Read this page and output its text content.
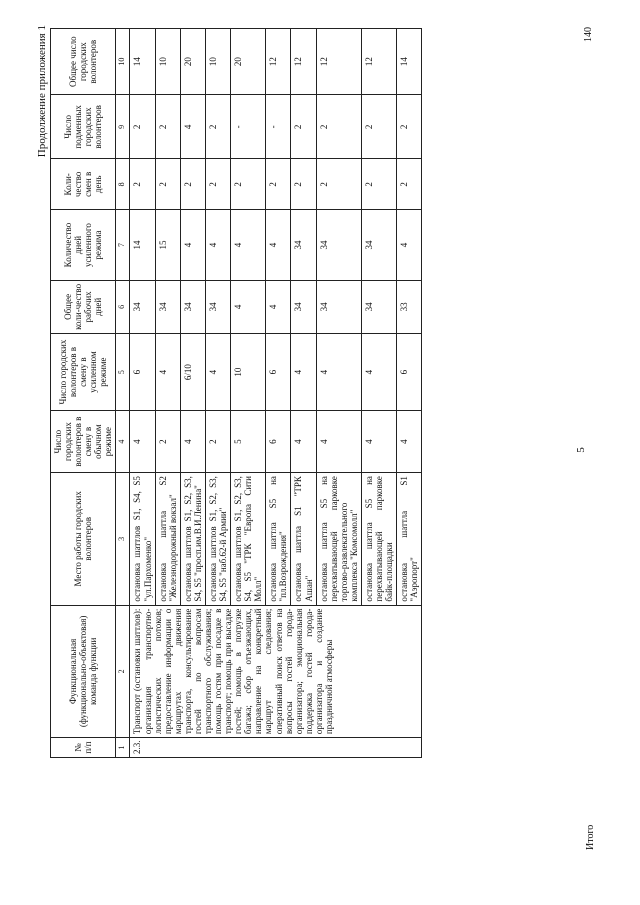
5
Продолжение приложения 1
№ п/п	Функциональная (функционально-объектовая) команда функции	Место работы городских волонтеров	Число городских волонтеров в смену в обычном режиме	Число городских волонтеров в смену в усиленном режиме	Общее коли-чество рабочих дней	Количество дней усиленного режима	Коли-чество смен в день	Число подменных городских волонтеров	Общее число городских волонтеров
1	2	3	4	5	6	7	8	9	10
2.3.	Транспорт (остановки шаттлов): организация транспортно-логистических потоков; предоставление информации о маршрутах движения транспорта, консультирование гостей по вопросам транспортного обслуживания; помощь гостям при посадке в транспорт; помощь при высадке гостей; помощь в погрузке багажа; сбор отъезжающих, направление на конкретный маршрут следования; оперативный поиск ответов на вопросы гостей города-организатора; эмоциональная поддержка гостей города-организатора и создание праздничной атмосферы	остановка шаттлов S1, S4, S5 "ул.Пархоменко"	4	6	34	14	2	2	14
		остановка шаттла S2 "Железнодорожный вокзал"	2	4	34	15	2	2	10
		остановка шаттлов S1, S2, S3, S4, S5 "просп.им.В.И.Ленина"	4	6/10	34	4	2	4	20
		остановка шаттлов S1, S2, S3, S4, S5 "наб.62-й Армии"	2	4	34	4	2	2	10
		остановка шаттлов S1, S2, S3, S4, S5 "ТРК "Европа Сити Молл"	5	10	4	4	2	-	20
		остановка шаттла S5 на "пл.Возрождения"	6	6	4	4	2	-	12
		остановка шаттла S1 "ТРК Ашан"	4	4	34	34	2	2	12
		остановка шаттла S5 на перехватывающей парковке торгово-развлекательного комплекса "Комсомолл"	4	4	34	34	2	2	12
		остановка шаттла S5 на перехватывающей парковке байк-площадки	4	4	34	34	2	2	12
		остановка шаттла S1 "Аэропорт"	4	6	33	4	2	2	14
Итого
140
